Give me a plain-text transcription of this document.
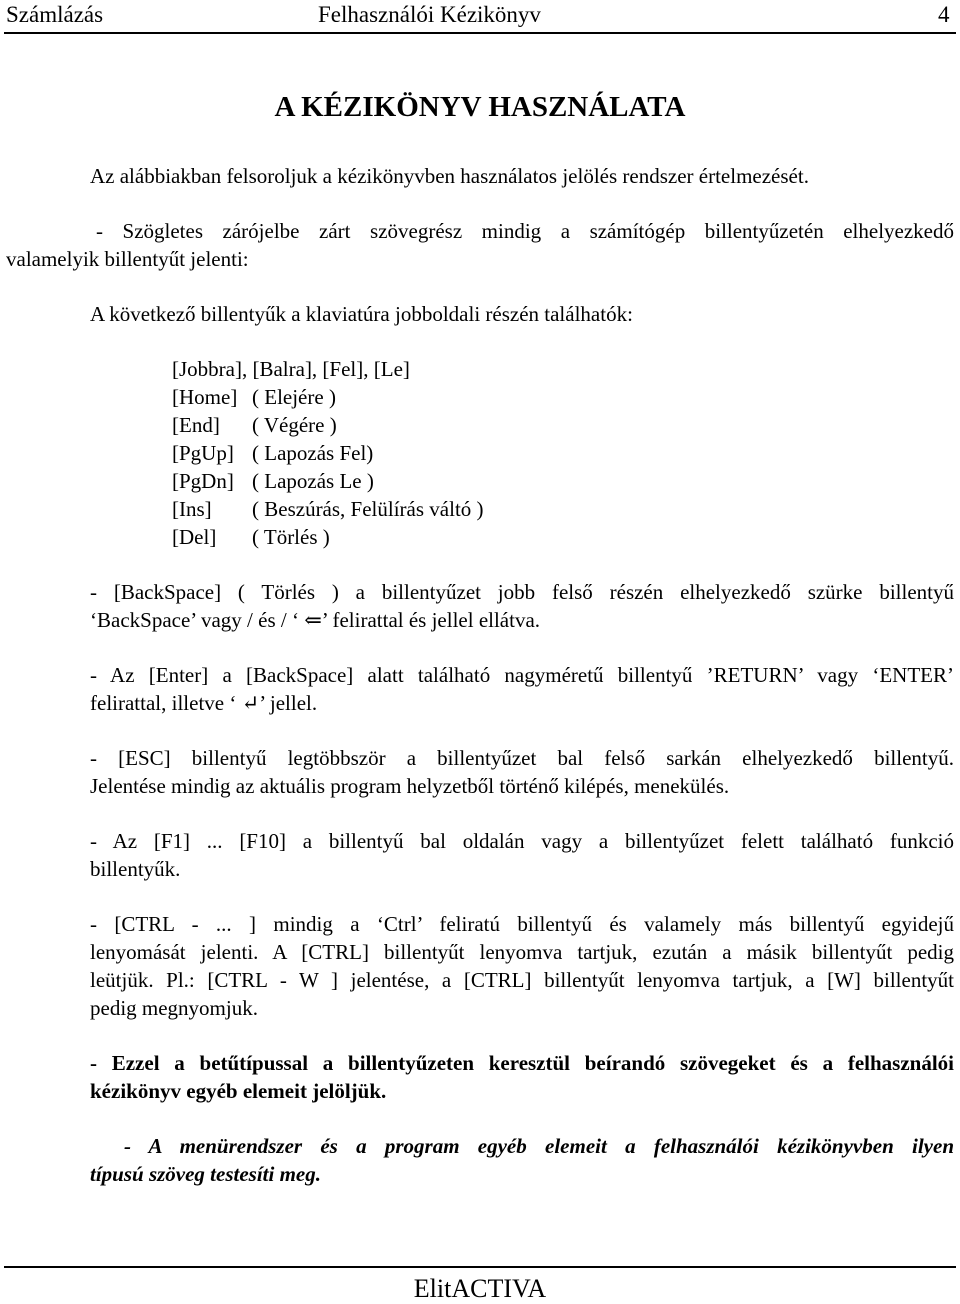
Számlázás	Felhasználói Kézikönyv	4
A KÉZIKÖNYV HASZNÁLATA
Az alábbiakban felsoroljuk a kézikönyvben használatos jelölés rendszer értelmezését.
- Szögletes zárójelbe zárt szövegrész mindig a számítógép billentyűzetén elhelyezkedő
valamelyik billentyűt jelenti:
A következő billentyűk a klaviatúra jobboldali részén találhatók:
[Jobbra], [Balra], [Fel], [Le]
[Home] ( Elejére )
[End] ( Végére )
[PgUp] ( Lapozás Fel)
[PgDn] ( Lapozás Le )
[Ins] ( Beszúrás, Felülírás váltó )
[Del] ( Törlés )
- [BackSpace] ( Törlés ) a billentyűzet jobb felső részén elhelyezkedő szürke billentyű
‘BackSpace’ vagy / és / ‘ ⇐’ felirattal és jellel ellátva.
- Az [Enter] a [BackSpace] alatt található nagyméretű billentyű ’RETURN’ vagy ‘ENTER’
felirattal, illetve ‘ ↵’ jellel.
- [ESC] billentyű legtöbbször a billentyűzet bal felső sarkán elhelyezkedő billentyű.
Jelentése mindig az aktuális program helyzetből történő kilépés, menekülés.
- Az [F1] ... [F10] a billentyű bal oldalán vagy a billentyűzet felett található funkció
billentyűk.
- [CTRL - ... ] mindig a ‘Ctrl’ feliratú billentyű és valamely más billentyű egyidejű
lenyomását jelenti. A [CTRL] billentyűt lenyomva tartjuk, ezután a másik billentyűt pedig
leütjük. Pl.: [CTRL - W ] jelentése, a [CTRL] billentyűt lenyomva tartjuk, a [W] billentyűt
pedig megnyomjuk.
- Ezzel a betűtípussal a billentyűzeten keresztül beírandó szövegeket és a felhasználói
kézikönyv egyéb elemeit jelöljük.
- A menürendszer és a program egyéb elemeit a felhasználói kézikönyvben ilyen
típusú szöveg testesíti meg.
ElitACTIVA
